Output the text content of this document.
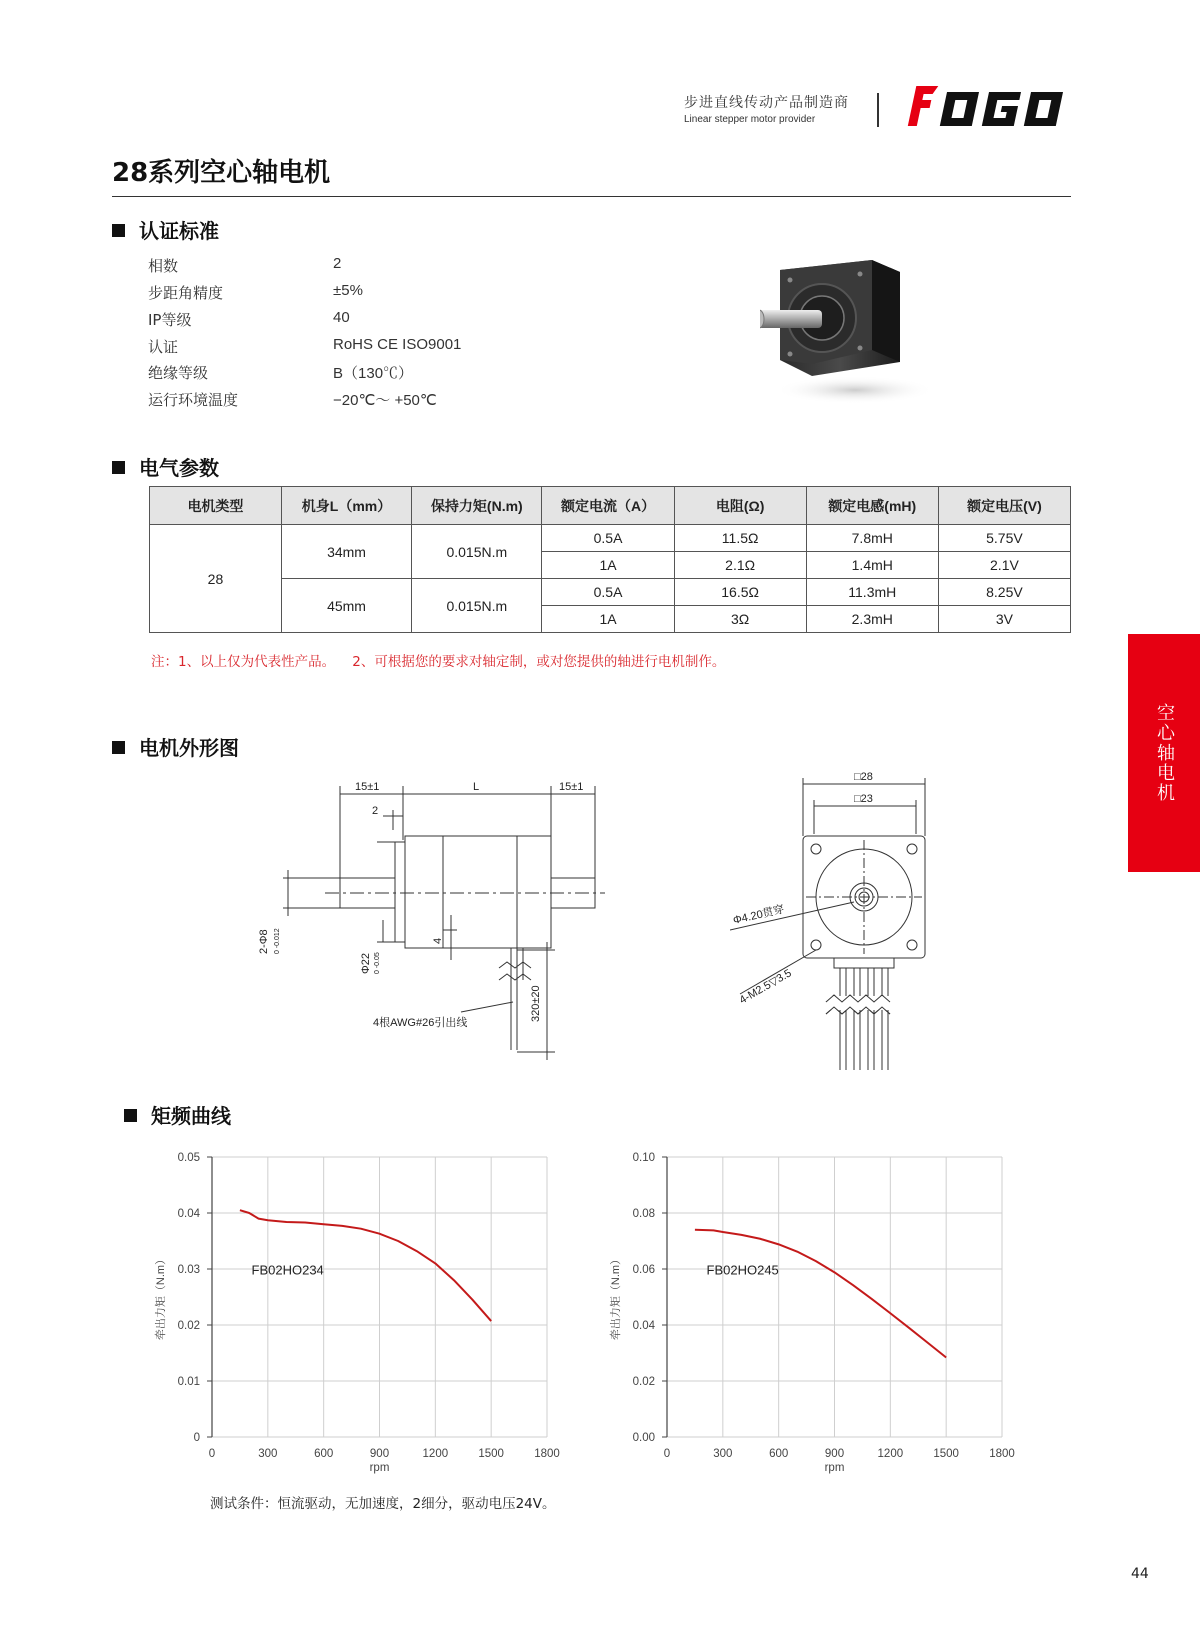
步进直线传动产品制造商
Linear stepper motor provider
FOGO
28系列空心轴电机
认证标准
相数	2
步距角精度	±5%
IP等级	40
认证	RoHS CE ISO9001
绝缘等级	B（130℃）
运行环境温度	−20℃～ +50℃
电气参数
电机类型	机身L（mm）	保持力矩(N.m)	额定电流（A）	电阻(Ω)	额定电感(mH)	额定电压(V)
28	34mm	0.015N.m	0.5A	11.5Ω	7.8mH	5.75V
			1A	2.1Ω	1.4mH	2.1V
	45mm	0.015N.m	0.5A	16.5Ω	11.3mH	8.25V
			1A	3Ω	2.3mH	3V
注：1、以上仅为代表性产品。    2、可根据您的要求对轴定制，或对您提供的轴进行电机制作。
空心轴电机
电机外形图
15±1	L	15±1
2
2-Φ8 0 -0.012
Φ22 0 -0.05
4
320±20
4根AWG#26引出线
□28
□23
Φ4.20贯穿
4-M2.5▽3.5
矩频曲线
0	300	600	900	1200	1500	1800
0
0.01
0.02
0.03
0.04
0.05
rpm
牵出力矩（N.m）	FB02HO234
0	300	600	900	1200	1500	1800
0.00
0.02
0.04
0.06
0.08
0.10
rpm
牵出力矩（N.m）	FB02HO245
测试条件：恒流驱动，无加速度，2细分，驱动电压24V。
44
